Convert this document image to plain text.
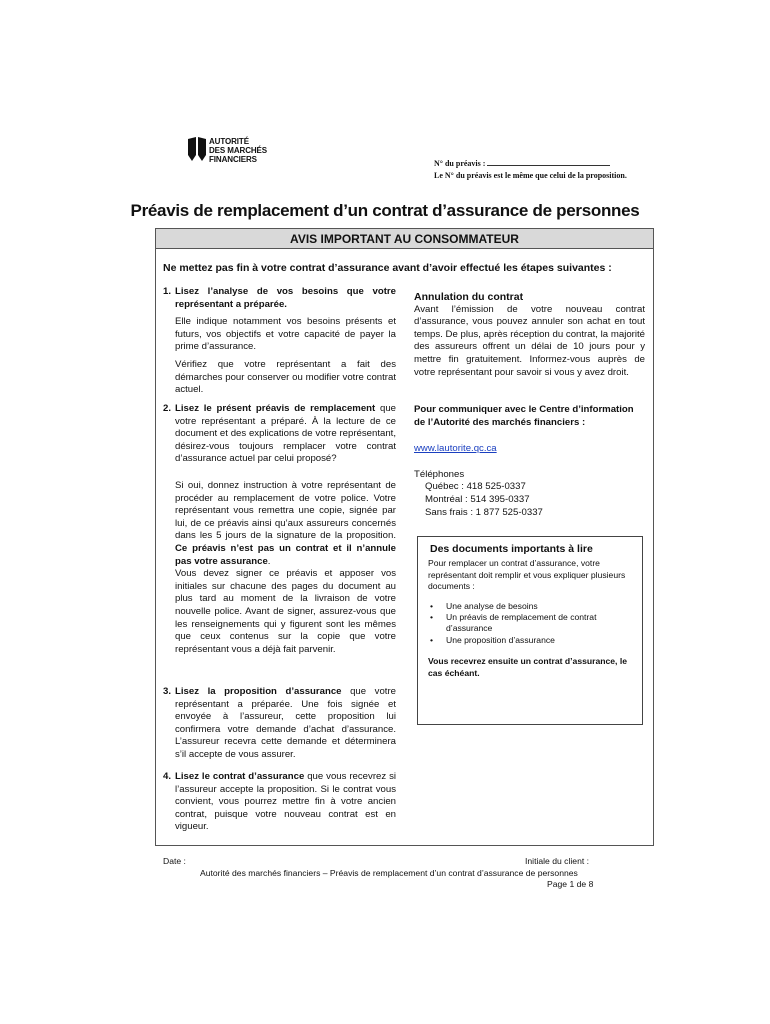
AUTORITÉ
DES MARCHÉS
FINANCIERS	N° du préavis :
Le N° du préavis est le même que celui de la proposition.
Préavis de remplacement d’un contrat d’assurance de personnes
AVIS IMPORTANT AU CONSOMMATEUR
Ne mettez pas fin à votre contrat d’assurance avant d’avoir effectué les étapes suivantes :
1. Lisez l’analyse de vos besoins que votre représentant a préparée.

Elle indique notamment vos besoins présents et futurs, vos objectifs et votre capacité de payer la prime d’assurance.

Vérifiez que votre représentant a fait des démarches pour conserver ou modifier votre contrat actuel.

2. Lisez le présent préavis de remplacement que votre représentant a préparé. À la lecture de ce document et des explications de votre représentant, désirez-vous toujours remplacer votre contrat d’assurance actuel par celui proposé?

Si oui, donnez instruction à votre représentant de procéder au remplacement de votre police. Votre représentant vous remettra une copie, signée par lui, de ce préavis ainsi qu’aux assureurs concernés dans les 5 jours de la signature de la proposition. Ce préavis n’est pas un contrat et il n’annule pas votre assurance.

Vous devez signer ce préavis et apposer vos initiales sur chacune des pages du document au plus tard au moment de la livraison de votre nouvelle police. Avant de signer, assurez-vous que les renseignements qui y figurent sont les mêmes que ceux contenus sur la copie que votre représentant vous a déjà fait parvenir.

3. Lisez la proposition d’assurance que votre représentant a préparée. Une fois signée et envoyée à l’assureur, cette proposition lui confirmera votre demande d’achat d’assurance. L’assureur recevra cette demande et déterminera s’il accepte de vous assurer.

4. Lisez le contrat d’assurance que vous recevrez si l’assureur accepte la proposition. Si le contrat vous convient, vous pourrez mettre fin à votre ancien contrat, puisque votre nouveau contrat est en vigueur.

Annulation du contrat

Avant l’émission de votre nouveau contrat d’assurance, vous pouvez annuler son achat en tout temps. De plus, après réception du contrat, la majorité des assureurs offrent un délai de 10 jours pour y mettre fin gratuitement. Informez-vous auprès de votre représentant pour savoir si vous y avez droit.

Pour communiquer avec le Centre d’information de l’Autorité des marchés financiers :

www.lautorite.qc.ca

Téléphones
Québec : 418 525-0337
Montréal : 514 395-0337
Sans frais : 1 877 525-0337

Des documents importants à lire

Pour remplacer un contrat d’assurance, votre représentant doit remplir et vous expliquer plusieurs documents :
• Une analyse de besoins
• Un préavis de remplacement de contrat d’assurance
• Une proposition d’assurance
Vous recevrez ensuite un contrat d’assurance, le cas échéant.
Date :	Initiale du client :
Autorité des marchés financiers – Préavis de remplacement d’un contrat d’assurance de personnes
Page 1 de 8
